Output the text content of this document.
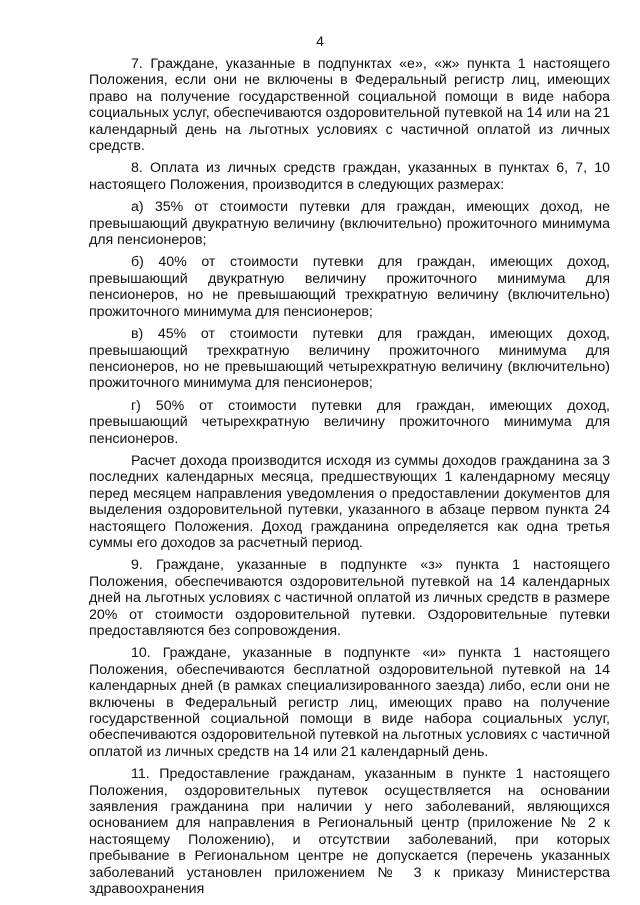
4

7. Граждане, указанные в подпунктах «е», «ж» пункта 1 настоящего Положения, если они не включены в Федеральный регистр лиц, имеющих право на получение государственной социальной помощи в виде набора социальных услуг, обеспечиваются оздоровительной путевкой на 14 или на 21 календарный день на льготных условиях с частичной оплатой из личных средств.

8. Оплата из личных средств граждан, указанных в пунктах 6, 7, 10 настоящего Положения, производится в следующих размерах:

а) 35% от стоимости путевки для граждан, имеющих доход, не превышающий двукратную величину (включительно) прожиточного минимума для пенсионеров;

б) 40% от стоимости путевки для граждан, имеющих доход, превышающий двукратную величину прожиточного минимума для пенсионеров, но не превышающий трехкратную величину (включительно) прожиточного минимума для пенсионеров;

в) 45% от стоимости путевки для граждан, имеющих доход, превышающий трехкратную величину прожиточного минимума для пенсионеров, но не превышающий четырехкратную величину (включительно) прожиточного минимума для пенсионеров;

г) 50% от стоимости путевки для граждан, имеющих доход, превышающий четырехкратную величину прожиточного минимума для пенсионеров.

Расчет дохода производится исходя из суммы доходов гражданина за 3 последних календарных месяца, предшествующих 1 календарному месяцу перед месяцем направления уведомления о предоставлении документов для выделения оздоровительной путевки, указанного в абзаце первом пункта 24 настоящего Положения. Доход гражданина определяется как одна третья суммы его доходов за расчетный период.

9. Граждане, указанные в подпункте «з» пункта 1 настоящего Положения, обеспечиваются оздоровительной путевкой на 14 календарных дней на льготных условиях с частичной оплатой из личных средств в размере 20% от стоимости оздоровительной путевки. Оздоровительные путевки предоставляются без сопровождения.

10. Граждане, указанные в подпункте «и» пункта 1 настоящего Положения, обеспечиваются бесплатной оздоровительной путевкой на 14 календарных дней (в рамках специализированного заезда) либо, если они не включены в Федеральный регистр лиц, имеющих право на получение государственной социальной помощи в виде набора социальных услуг, обеспечиваются оздоровительной путевкой на льготных условиях с частичной оплатой из личных средств на 14 или 21 календарный день.

11. Предоставление гражданам, указанным в пункте 1 настоящего Положения, оздоровительных путевок осуществляется на основании заявления гражданина при наличии у него заболеваний, являющихся основанием для направления в Региональный центр (приложение № 2 к настоящему Положению), и отсутствии заболеваний, при которых пребывание в Региональном центре не допускается (перечень указанных заболеваний установлен приложением № 3 к приказу Министерства здравоохранения
